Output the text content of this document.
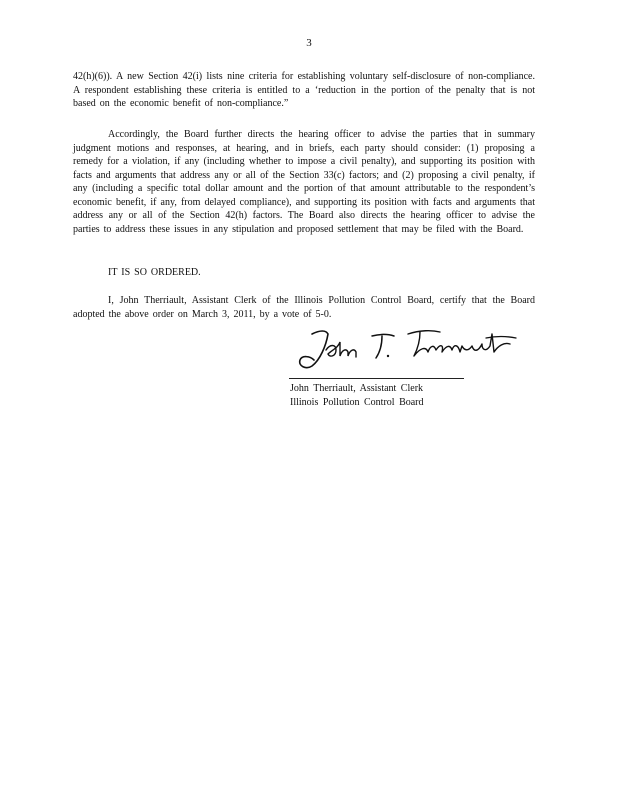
3

42(h)(6)). A new Section 42(i) lists nine criteria for establishing voluntary self-disclosure of non-compliance. A respondent establishing these criteria is entitled to a ‘reduction in the portion of the penalty that is not based on the economic benefit of non-compliance.”

Accordingly, the Board further directs the hearing officer to advise the parties that in summary judgment motions and responses, at hearing, and in briefs, each party should consider: (1) proposing a remedy for a violation, if any (including whether to impose a civil penalty), and supporting its position with facts and arguments that address any or all of the Section 33(c) factors; and (2) proposing a civil penalty, if any (including a specific total dollar amount and the portion of that amount attributable to the respondent’s economic benefit, if any, from delayed compliance), and supporting its position with facts and arguments that address any or all of the Section 42(h) factors. The Board also directs the hearing officer to advise the parties to address these issues in any stipulation and proposed settlement that may be filed with the Board.

IT IS SO ORDERED.

I, John Therriault, Assistant Clerk of the Illinois Pollution Control Board, certify that the Board adopted the above order on March 3, 2011, by a vote of 5-0.

John Therriault, Assistant Clerk
Illinois Pollution Control Board
